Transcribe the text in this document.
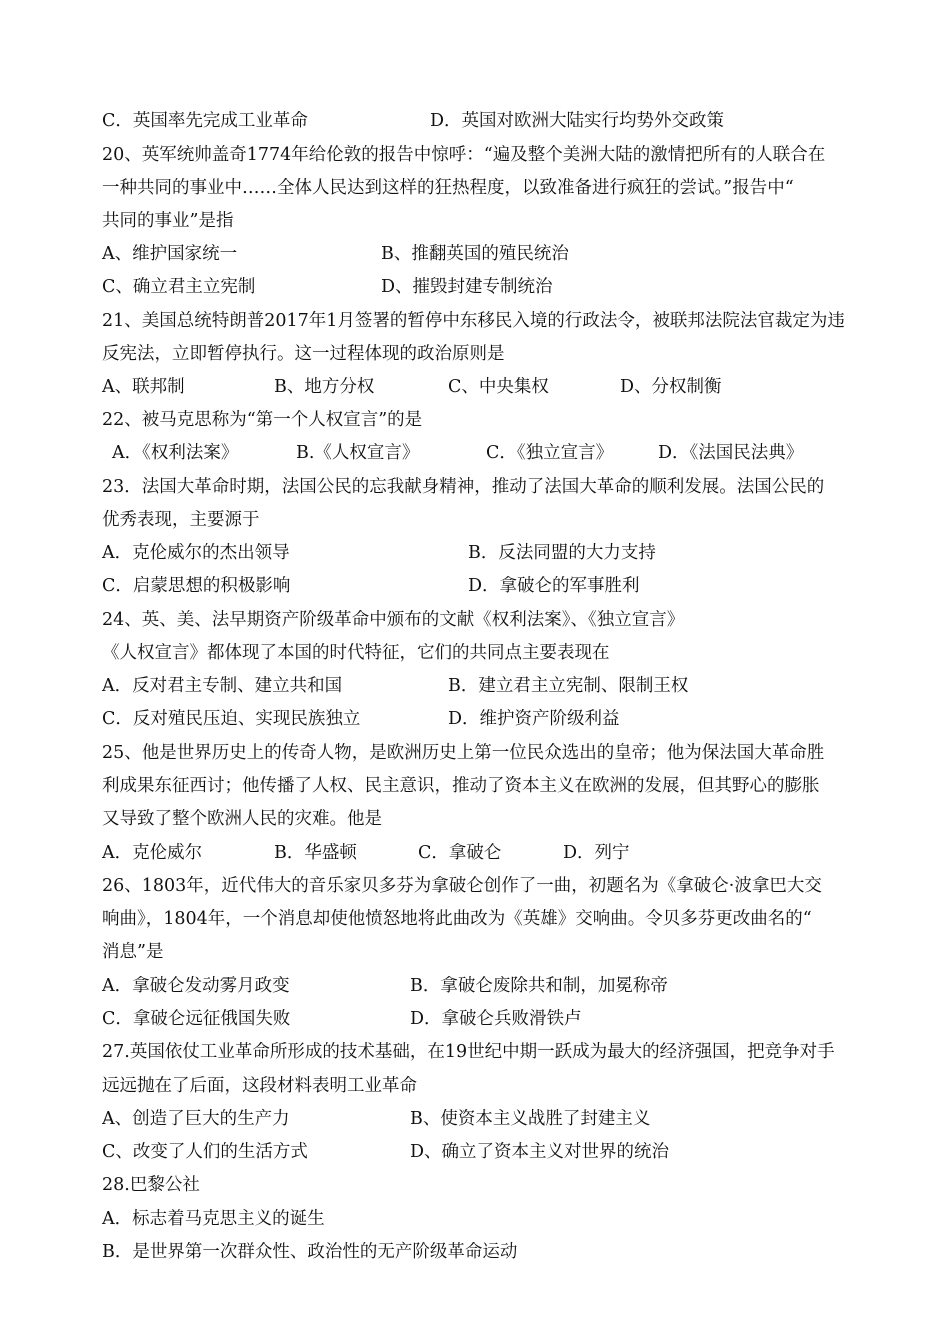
C．英国率先完成工业革命	D．英国对欧洲大陆实行均势外交政策
20、英军统帅盖奇1774年给伦敦的报告中惊呼：“遍及整个美洲大陆的激情把所有的人联合在
一种共同的事业中……全体人民达到这样的狂热程度，以致准备进行疯狂的尝试。”报告中“
共同的事业”是指
A、维护国家统一	B、推翻英国的殖民统治
C、确立君主立宪制	D、摧毁封建专制统治
21、美国总统特朗普2017年1月签署的暂停中东移民入境的行政法令，被联邦法院法官裁定为违
反宪法，立即暂停执行。这一过程体现的政治原则是
A、联邦制	B、地方分权	C、中央集权	D、分权制衡
22、被马克思称为“第一个人权宣言”的是
A．《权利法案》	B.《人权宣言》	C．《独立宣言》	D．《法国民法典》
23．法国大革命时期，法国公民的忘我献身精神，推动了法国大革命的顺利发展。法国公民的
优秀表现，主要源于
A．克伦威尔的杰出领导	B．反法同盟的大力支持
C．启蒙思想的积极影响	D．拿破仑的军事胜利
24、英、美、法早期资产阶级革命中颁布的文献《权利法案》、《独立宣言》
《人权宣言》都体现了本国的时代特征，它们的共同点主要表现在
A．反对君主专制、建立共和国	B．建立君主立宪制、限制王权
C．反对殖民压迫、实现民族独立	D．维护资产阶级利益
25、他是世界历史上的传奇人物，是欧洲历史上第一位民众选出的皇帝；他为保法国大革命胜
利成果东征西讨；他传播了人权、民主意识，推动了资本主义在欧洲的发展，但其野心的膨胀
又导致了整个欧洲人民的灾难。他是
A．克伦威尔	B．华盛顿	C．拿破仑	D．列宁
26、1803年，近代伟大的音乐家贝多芬为拿破仑创作了一曲，初题名为《拿破仑·波拿巴大交
响曲》，1804年，一个消息却使他愤怒地将此曲改为《英雄》交响曲。令贝多芬更改曲名的“
消息”是
A．拿破仑发动雾月政变	B．拿破仑废除共和制，加冕称帝
C．拿破仑远征俄国失败	D．拿破仑兵败滑铁卢
27.英国依仗工业革命所形成的技术基础，在19世纪中期一跃成为最大的经济强国，把竞争对手
远远抛在了后面，这段材料表明工业革命
A、创造了巨大的生产力	B、使资本主义战胜了封建主义
C、改变了人们的生活方式	D、确立了资本主义对世界的统治
28.巴黎公社
A．标志着马克思主义的诞生
B．是世界第一次群众性、政治性的无产阶级革命运动
